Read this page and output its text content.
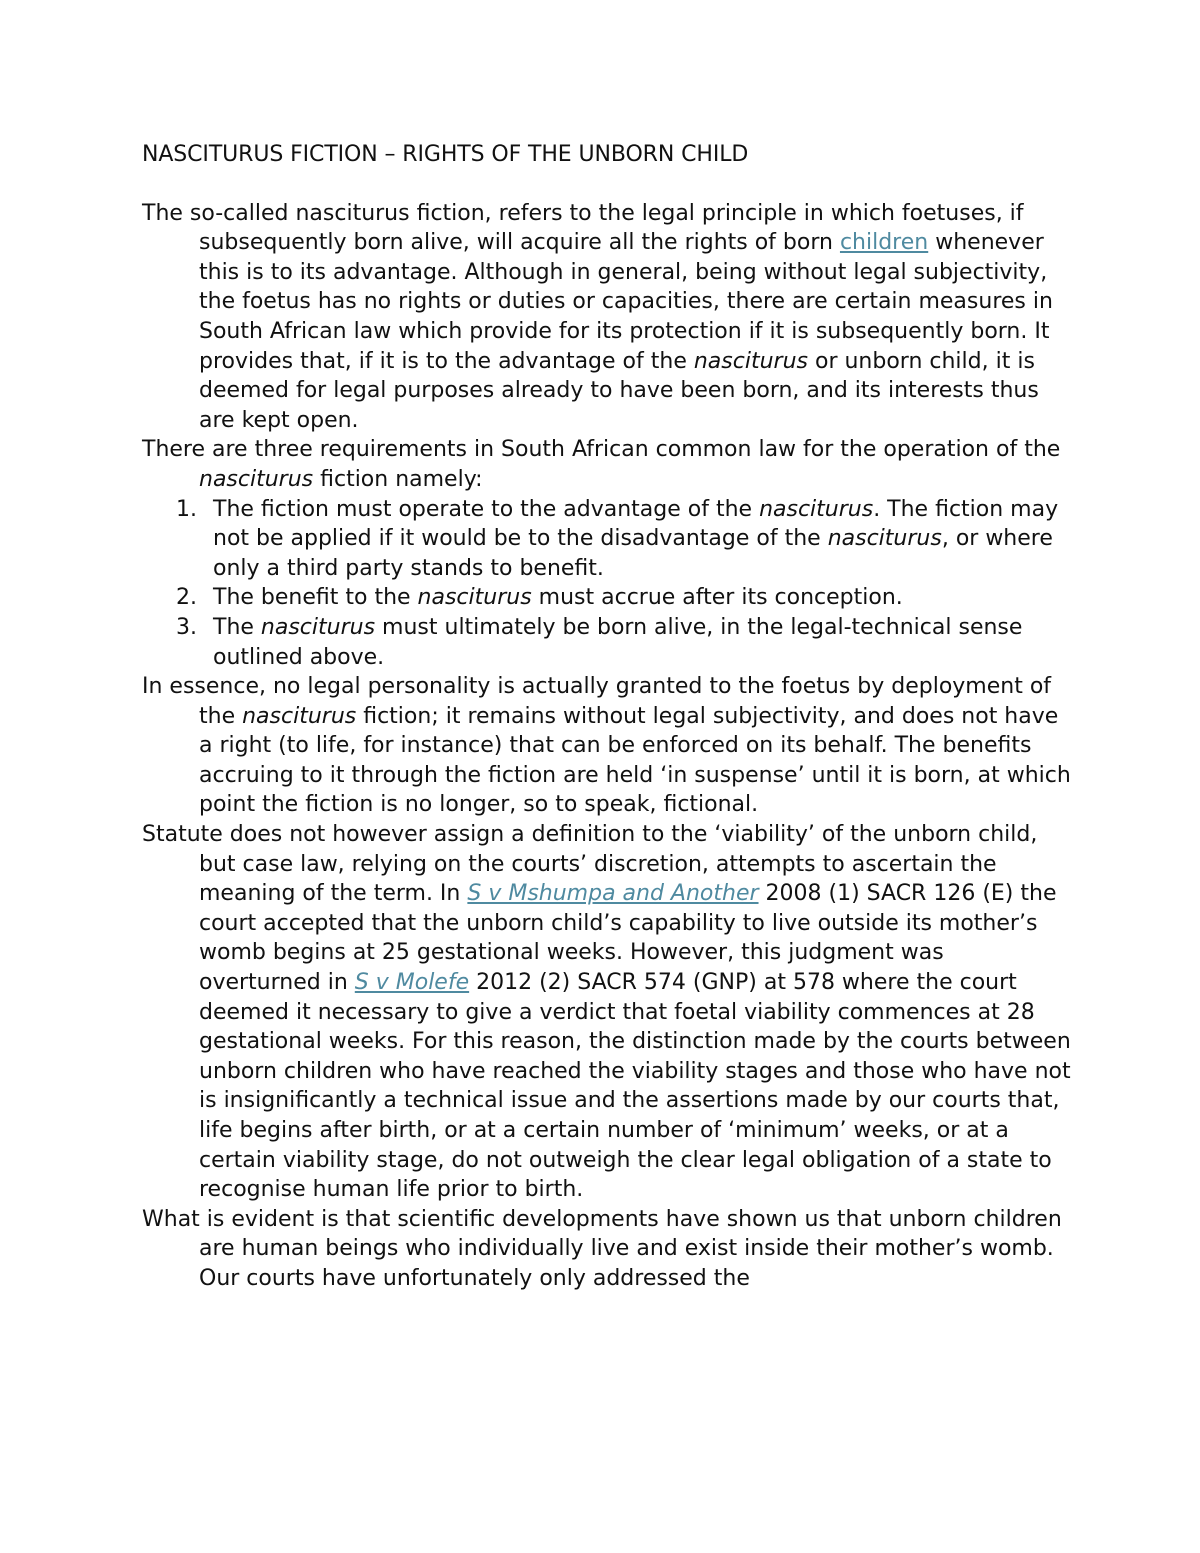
NASCITURUS FICTION – RIGHTS OF THE UNBORN CHILD

The so-called nasciturus fiction, refers to the legal principle in which foetuses, if subsequently born alive, will acquire all the rights of born children whenever this is to its advantage. Although in general, being without legal subjectivity, the foetus has no rights or duties or capacities, there are certain measures in South African law which provide for its protection if it is subsequently born. It provides that, if it is to the advantage of the nasciturus or unborn child, it is deemed for legal purposes already to have been born, and its interests thus are kept open.

There are three requirements in South African common law for the operation of the nasciturus fiction namely:

1. The fiction must operate to the advantage of the nasciturus. The fiction may not be applied if it would be to the disadvantage of the nasciturus, or where only a third party stands to benefit.
2. The benefit to the nasciturus must accrue after its conception.
3. The nasciturus must ultimately be born alive, in the legal-technical sense outlined above.

In essence, no legal personality is actually granted to the foetus by deployment of the nasciturus fiction; it remains without legal subjectivity, and does not have a right (to life, for instance) that can be enforced on its behalf. The benefits accruing to it through the fiction are held ‘in suspense’ until it is born, at which point the fiction is no longer, so to speak, fictional.

Statute does not however assign a definition to the ‘viability’ of the unborn child, but case law, relying on the courts’ discretion, attempts to ascertain the meaning of the term. In S v Mshumpa and Another 2008 (1) SACR 126 (E) the court accepted that the unborn child’s capability to live outside its mother’s womb begins at 25 gestational weeks. However, this judgment was overturned in S v Molefe 2012 (2) SACR 574 (GNP) at 578 where the court deemed it necessary to give a verdict that foetal viability commences at 28 gestational weeks. For this reason, the distinction made by the courts between unborn children who have reached the viability stages and those who have not is insignificantly a technical issue and the assertions made by our courts that, life begins after birth, or at a certain number of ‘minimum’ weeks, or at a certain viability stage, do not outweigh the clear legal obligation of a state to recognise human life prior to birth.

What is evident is that scientific developments have shown us that unborn children are human beings who individually live and exist inside their mother’s womb. Our courts have unfortunately only addressed the
